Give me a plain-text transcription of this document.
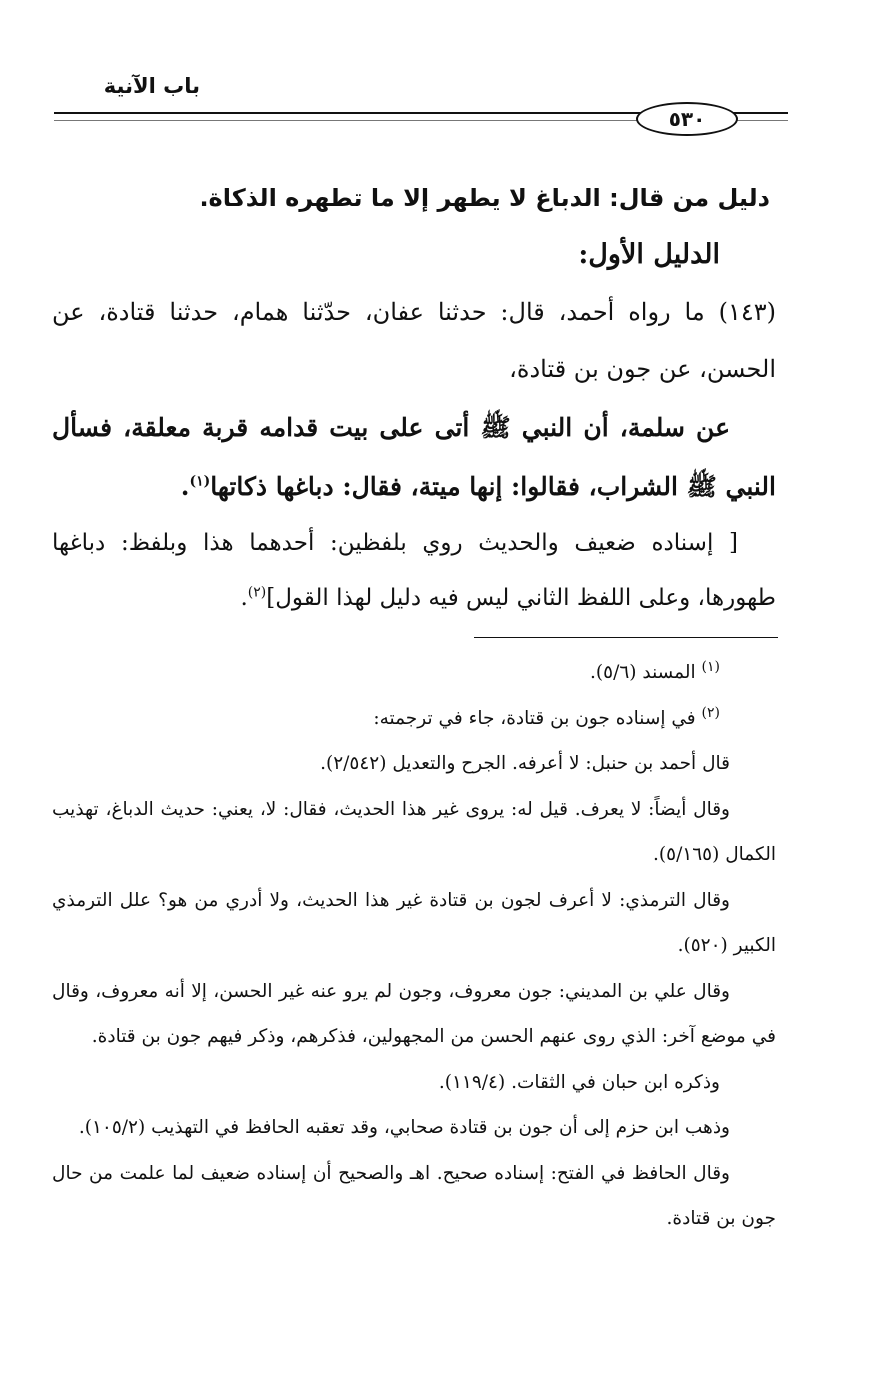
باب الآنية
٥٣٠

دليل من قال: الدباغ لا يطهر إلا ما تطهره الذكاة.

الدليل الأول:

(١٤٣) ما رواه أحمد، قال: حدثنا عفان، حدّثنا همام، حدثنا قتادة، عن الحسن، عن جون بن قتادة،

عن سلمة، أن النبي ﷺ أتى على بيت قدامه قربة معلقة، فسأل النبي ﷺ الشراب، فقالوا: إنها ميتة، فقال: دباغها ذكاتها$^{(١)}$.

[ إسناده ضعيف والحديث روي بلفظين: أحدهما هذا وبلفظ: دباغها طهورها، وعلى اللفظ الثاني ليس فيه دليل لهذا القول]$^{(٢)}$.

$^{(١)}$ المسند (٥/٦).

$^{(٢)}$ في إسناده جون بن قتادة، جاء في ترجمته:

قال أحمد بن حنبل: لا أعرفه. الجرح والتعديل (٢/٥٤٢).

وقال أيضاً: لا يعرف. قيل له: يروى غير هذا الحديث، فقال: لا، يعني: حديث الدباغ، تهذيب الكمال (٥/١٦٥).

وقال الترمذي: لا أعرف لجون بن قتادة غير هذا الحديث، ولا أدري من هو؟ علل الترمذي الكبير (٥٢٠).

وقال علي بن المديني: جون معروف، وجون لم يرو عنه غير الحسن، إلا أنه معروف، وقال في موضع آخر: الذي روى عنهم الحسن من المجهولين، فذكرهم، وذكر فيهم جون بن قتادة.

وذكره ابن حبان في الثقات. (١١٩/٤).

وذهب ابن حزم إلى أن جون بن قتادة صحابي، وقد تعقبه الحافظ في التهذيب (١٠٥/٢).

وقال الحافظ في الفتح: إسناده صحيح. اهـ والصحيح أن إسناده ضعيف لما علمت من حال جون بن قتادة.
